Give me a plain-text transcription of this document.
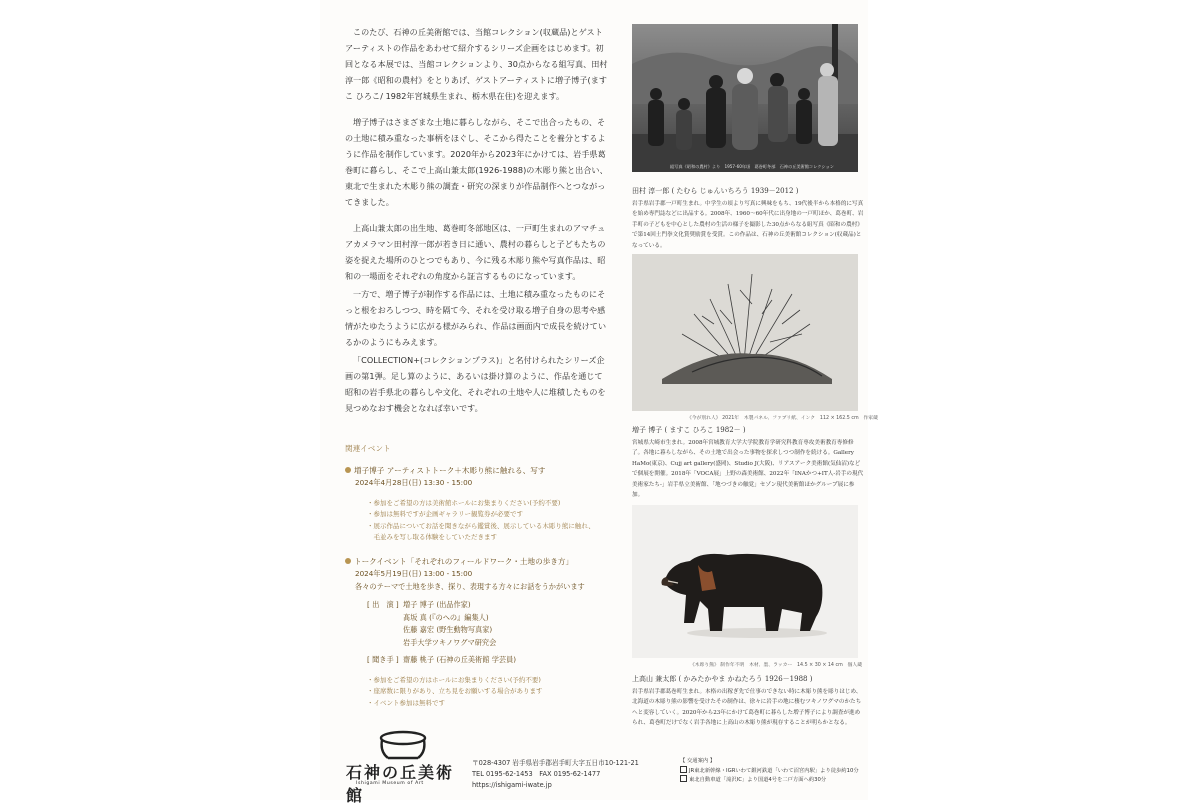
このたび、石神の丘美術館では、当館コレクション(収蔵品)とゲストアーティストの作品をあわせて紹介するシリーズ企画をはじめます。初回となる本展では、当館コレクションより、30点からなる組写真、田村淳一郎《昭和の農村》をとりあげ、ゲストアーティストに増子博子(ますこ ひろこ/ 1982年宮城県生まれ、栃木県在住)を迎えます。

増子博子はさまざまな土地に暮らしながら、そこで出合ったもの、その土地に積み重なった事柄をほぐし、そこから得たことを養分とするように作品を制作しています。2020年から2023年にかけては、岩手県葛巻町に暮らし、そこで上高山兼太郎(1926-1988)の木彫り熊と出合い、東北で生まれた木彫り熊の調査・研究の深まりが作品制作へとつながってきました。

上高山兼太郎の出生地、葛巻町冬部地区は、一戸町生まれのアマチュアカメラマン田村淳一郎が若き日に通い、農村の暮らしと子どもたちの姿を捉えた場所のひとつでもあり、今に残る木彫り熊や写真作品は、昭和の一場面をそれぞれの角度から証言するものになっています。

一方で、増子博子が制作する作品には、土地に積み重なったものにそっと根をおろしつつ、時を隔て今、それを受け取る増子自身の思考や感情がたゆたうように広がる様がみられ、作品は画面内で成長を続けているかのようにもみえます。

「COLLECTION+(コレクションプラス)」と名付けられたシリーズ企画の第1弾。足し算のように、あるいは掛け算のように、作品を通じて昭和の岩手県北の暮らしや文化、それぞれの土地や人に堆積したものを見つめなおす機会となれば幸いです。

関連イベント
増子博子 アーティストトーク＋木彫り熊に触れる、写す
2024年4月28日(日) 13:30 - 15:00
・参加をご希望の方は美術館ホールにお集まりください(予約不要)
・参加は無料ですが企画ギャラリー観覧券が必要です
・展示作品についてお話を聞きながら鑑賞後、展示している木彫り熊に触れ、
　毛並みを写し取る体験をしていただきます
トークイベント「それぞれのフィールドワーク・土地の歩き方」
2024年5月19日(日) 13:00 - 15:00
各々のテーマで土地を歩き、探り、表現する方々にお話をうかがいます
[ 出　演 ] 増子 博子 (出品作家)
髙坂 真 (『のへの』編集人)
佐藤 嘉宏 (野生動物写真家)
岩手大学ツキノワグマ研究会
[ 聞き手 ] 齋藤 桃子 (石神の丘美術館 学芸員)
・参加をご希望の方はホールにお集まりください(予約不要)
・座席数に限りがあり、立ち見をお願いする場合があります
・イベント参加は無料です
組写真《昭和の農村》より　1957-60年頃　葛巻町冬部　石神の丘美術館コレクション
田村 淳一郎 ( たむら じゅんいちろう 1939－2012 )
岩手県岩手郡一戸町生まれ。中学生の頃より写真に興味をもち、19代後半から本格的に写真を始め専門誌などに出品する。2008年、1960～60年代に出身地の一戸町ほか、葛巻町、岩手町の子どもを中心とした農村の生活の様子を撮影した30点からなる組写真《昭和の農村》で第14回土門拳文化賞奨励賞を受賞。この作品は、石神の丘美術館コレクション(収蔵品)となっている。
《今が別れ人》 2021年　木製パネル、ファブリ紙、インク　112 × 162.5 cm　作家蔵
増子 博子 ( ますこ ひろこ 1982－ )
宮城県大崎市生まれ。2008年宮城教育大学大学院教育学研究科教育専攻美術教育専修修了。各地に暮らしながら、その土地で出会った事物を探求しつつ制作を続ける。Gallery HaMo(東京)、Cujj art gallery(盛岡)、Studio J(大阪)、リアスアーク美術館(気仙沼)などで個展を開催。2018年「VOCA展」上野の森美術館、2022年「INAかつ+IT人-岩手の現代美術家たち-」岩手県立美術館、「地つづきの触覚」セゾン現代美術館ほかグループ展に参加。
《木彫り熊》 制作年不明　木材、墨、ラッカー　14.5 × 30 × 14 cm　個人蔵
上高山 兼太郎 ( かみたかやま かねたろう 1926－1988 )
岩手県岩手郡葛巻町生まれ。本格の出稼ぎ先で仕事のできない時に木彫り熊を彫りはじめ、北海道の木彫り熊の影響を受けたその制作は、徐々に岩手の地に棲むツキノワグマのかたちへと変容していく。2020年から23年にかけて葛巻町に暮らした増子博子により調査が進められ、葛巻町だけでなく岩手各地に上高山の木彫り熊が現存することが明らかとなる。
石神の丘美術館
Ishigami Museum of Art
〒028-4307 岩手県岩手郡岩手町大字五日市10-121-21
TEL 0195-62-1453　FAX 0195-62-1477
https://ishigami-iwate.jp
【 交通案内 】
JR東北新幹線・IGRいわて銀河鉄道「いわて沼宮内駅」より徒歩約10分
東北自動車道「滝沢IC」より国道4号を二戸方面へ約30分
